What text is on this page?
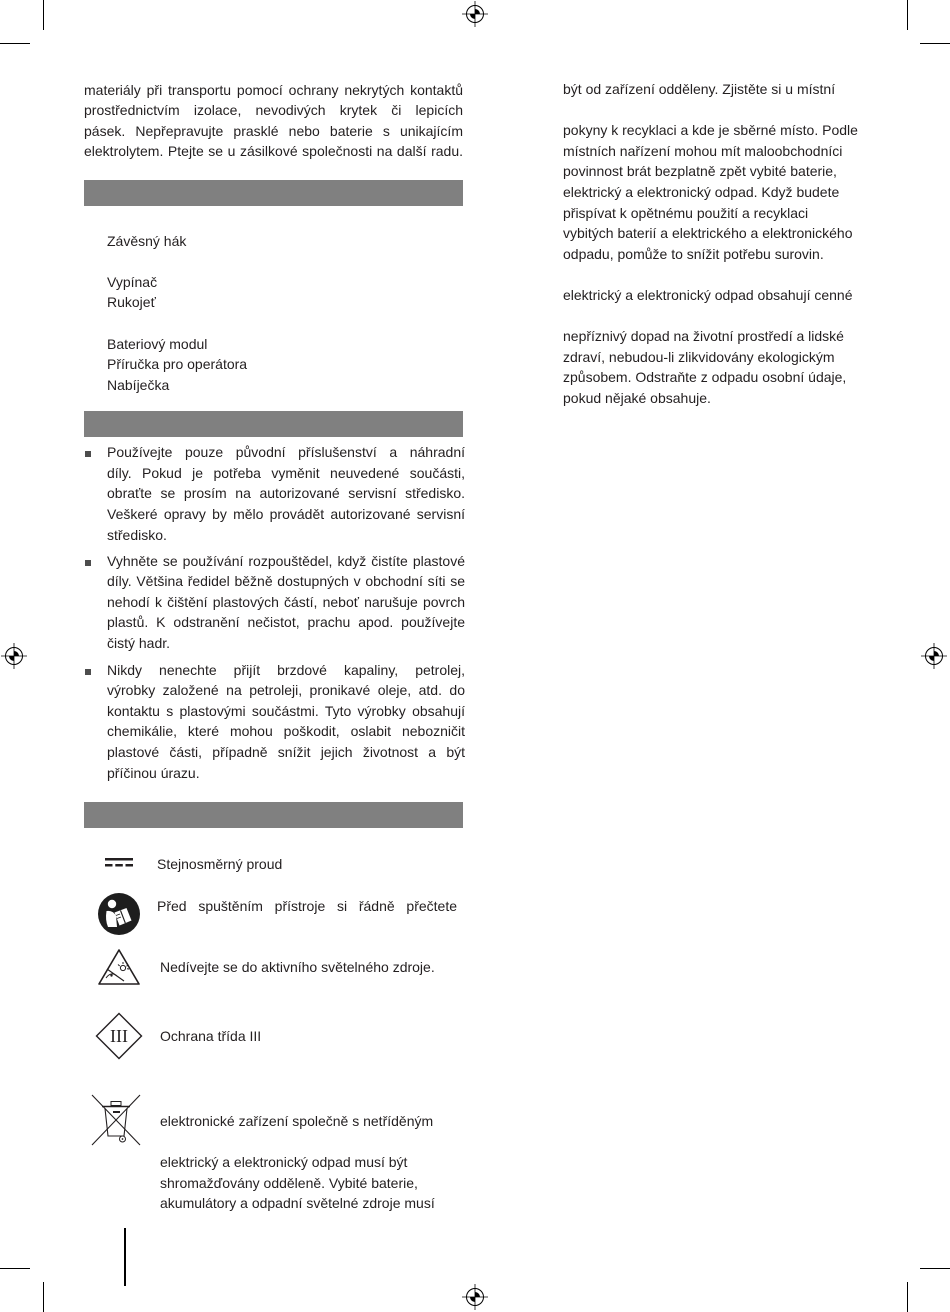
materiály při transportu pomocí ochrany nekrytých kontaktů
prostřednictvím izolace, nevodivých krytek či lepicích
pásek. Nepřepravujte prasklé nebo baterie s unikajícím
elektrolytem. Ptejte se u zásilkové společnosti na další radu.
Závěsný hák
Vypínač
Rukojeť
Bateriový modul
Příručka pro operátora
Nabíječka
Používejte pouze původní příslušenství a náhradní
díly. Pokud je potřeba vyměnit neuvedené součásti,
obraťte se prosím na autorizované servisní středisko.
Veškeré opravy by mělo provádět autorizované servisní
středisko.
Vyhněte se používání rozpouštědel, když čistíte plastové
díly. Většina ředidel běžně dostupných v obchodní síti se
nehodí k čištění plastových částí, neboť narušuje povrch
plastů. K odstranění nečistot, prachu apod. používejte
čistý hadr.
Nikdy nenechte přijít brzdové kapaliny, petrolej,
výrobky založené na petroleji, pronikavé oleje, atd. do
kontaktu s plastovými součástmi. Tyto výrobky obsahují
chemikálie, které mohou poškodit, oslabit nebozničit
plastové části, případně snížit jejich životnost a být
příčinou úrazu.
Stejnosměrný proud
Před spuštěním přístroje si řádně přečtete
Nedívejte se do aktivního světelného zdroje.
III Ochrana třída III
elektronické zařízení společně s netříděným
elektrický a elektronický odpad musí být
shromažďovány odděleně. Vybité baterie,
akumulátory a odpadní světelné zdroje musí
být od zařízení odděleny. Zjistěte si u místní
pokyny k recyklaci a kde je sběrné místo. Podle
místních nařízení mohou mít maloobchodníci
povinnost brát bezplatně zpět vybité baterie,
elektrický a elektronický odpad. Když budete
přispívat k opětnému použití a recyklaci
vybitých baterií a elektrického a elektronického
odpadu, pomůže to snížit potřebu surovin.
elektrický a elektronický odpad obsahují cenné
nepříznivý dopad na životní prostředí a lidské
zdraví, nebudou-li zlikvidovány ekologickým
způsobem. Odstraňte z odpadu osobní údaje,
pokud nějaké obsahuje.
